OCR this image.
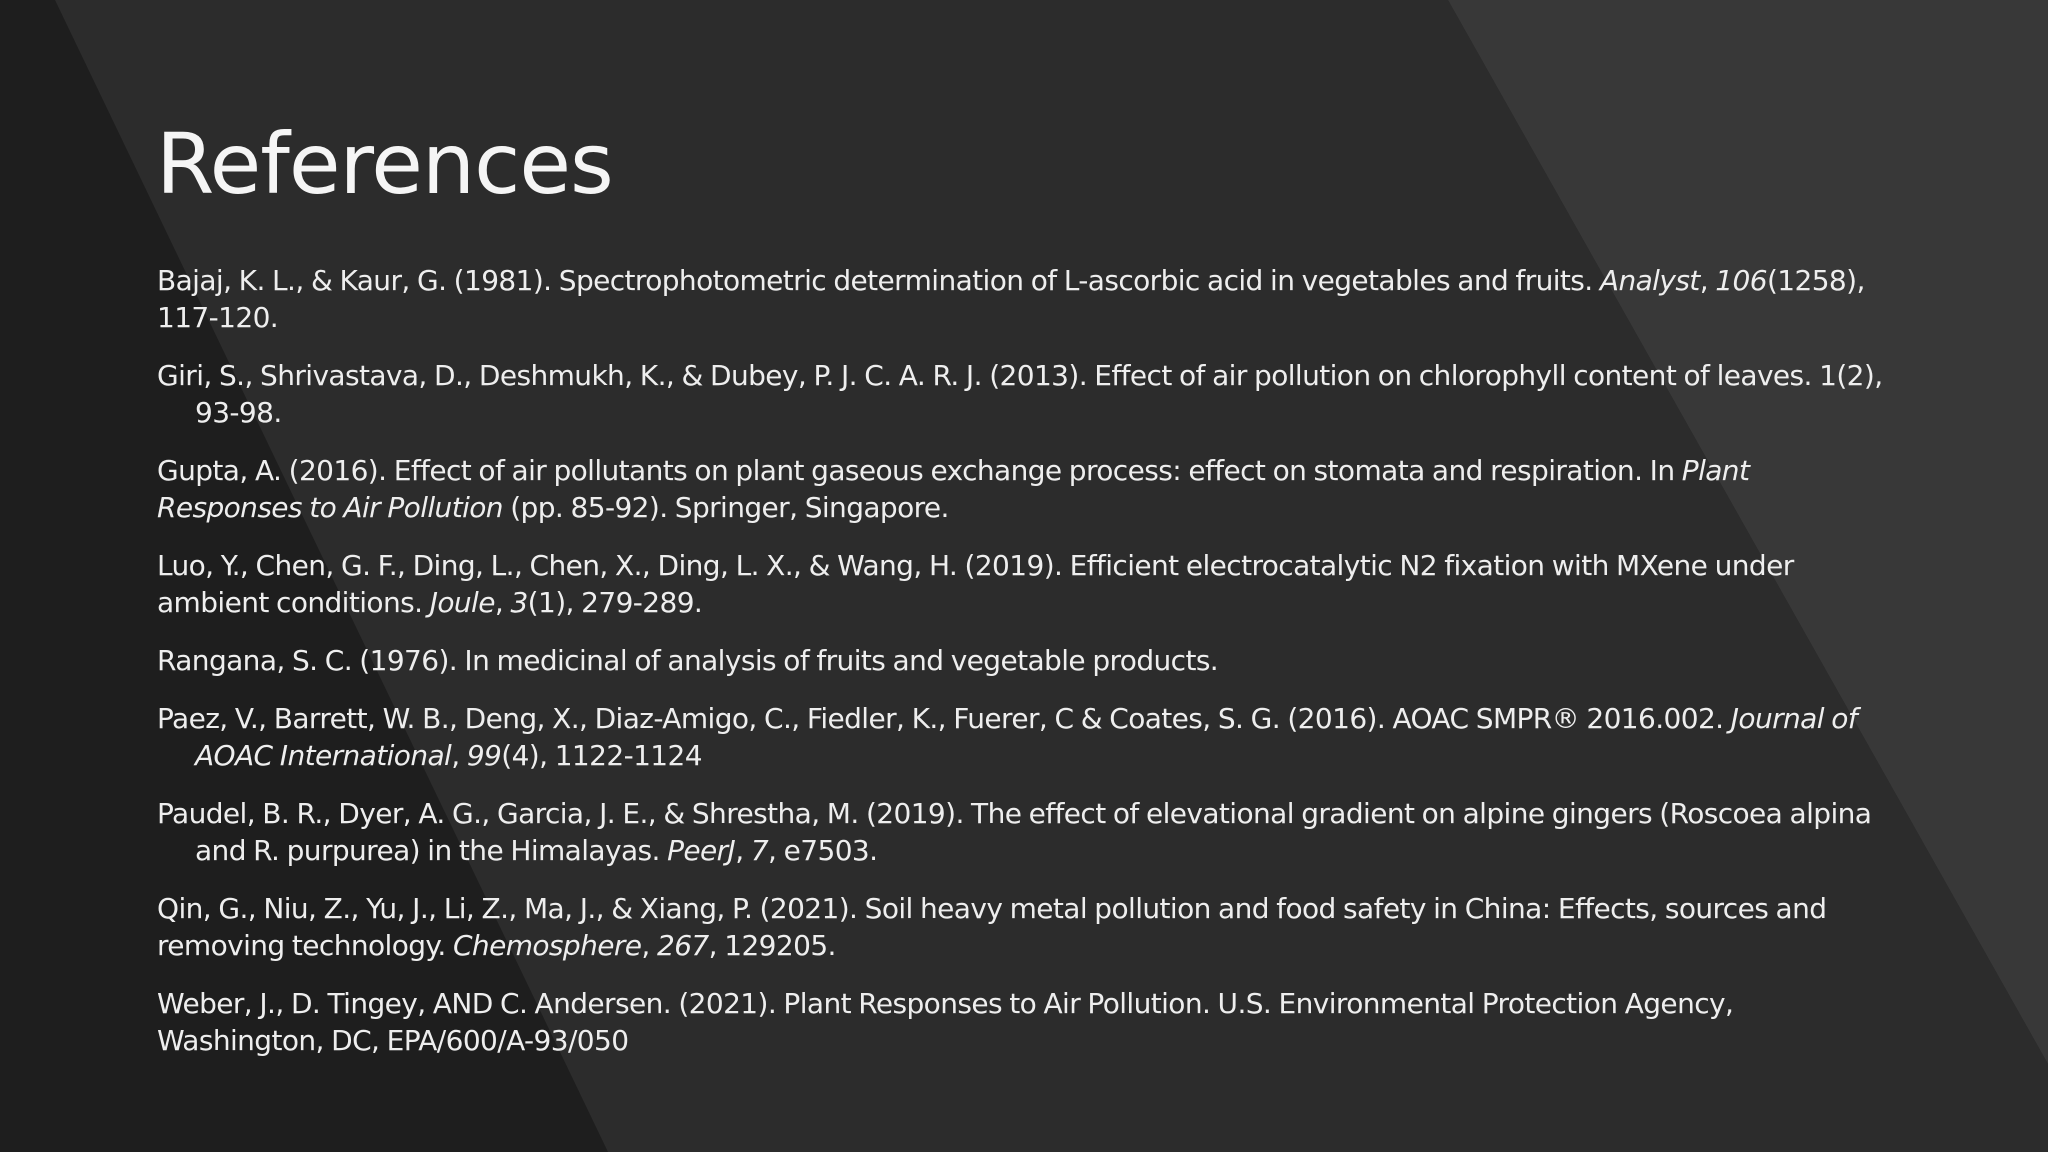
References

Bajaj, K. L., & Kaur, G. (1981). Spectrophotometric determination of L-ascorbic acid in vegetables and fruits. Analyst, 106(1258), 117-120.

Giri, S., Shrivastava, D., Deshmukh, K., & Dubey, P. J. C. A. R. J. (2013). Effect of air pollution on chlorophyll content of leaves. 1(2), 93-98.

Gupta, A. (2016). Effect of air pollutants on plant gaseous exchange process: effect on stomata and respiration. In Plant Responses to Air Pollution (pp. 85-92). Springer, Singapore.

Luo, Y., Chen, G. F., Ding, L., Chen, X., Ding, L. X., & Wang, H. (2019). Efficient electrocatalytic N2 fixation with MXene under ambient conditions. Joule, 3(1), 279-289.

Rangana, S. C. (1976). In medicinal of analysis of fruits and vegetable products.

Paez, V., Barrett, W. B., Deng, X., Diaz-Amigo, C., Fiedler, K., Fuerer, C & Coates, S. G. (2016). AOAC SMPR® 2016.002. Journal of AOAC International, 99(4), 1122-1124

Paudel, B. R., Dyer, A. G., Garcia, J. E., & Shrestha, M. (2019). The effect of elevational gradient on alpine gingers (Roscoea alpina and R. purpurea) in the Himalayas. PeerJ, 7, e7503.

Qin, G., Niu, Z., Yu, J., Li, Z., Ma, J., & Xiang, P. (2021). Soil heavy metal pollution and food safety in China: Effects, sources and removing technology. Chemosphere, 267, 129205.

Weber, J., D. Tingey, AND C. Andersen. (2021). Plant Responses to Air Pollution. U.S. Environmental Protection Agency, Washington, DC, EPA/600/A-93/050
